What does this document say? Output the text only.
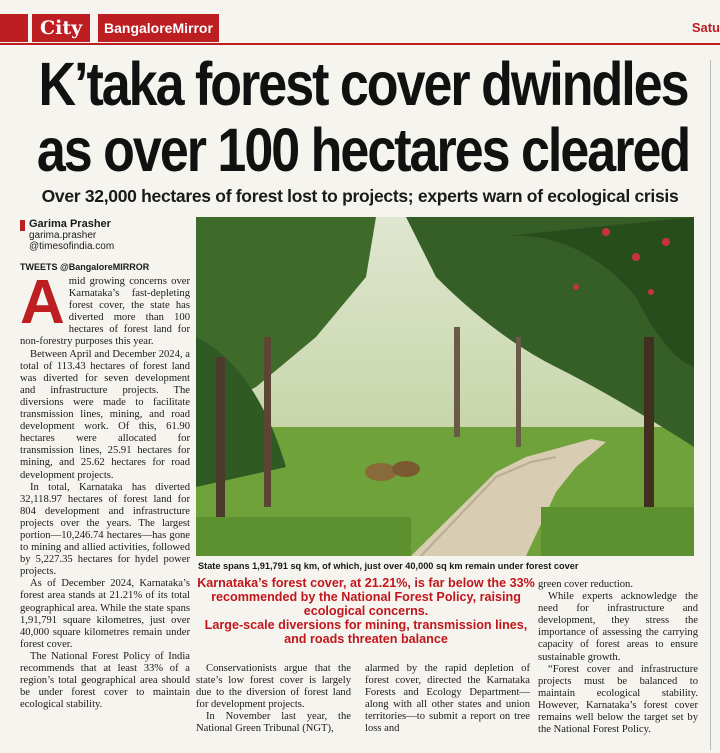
City	BangaloreMirror	Satu
K’taka forest cover dwindles
as over 100 hectares cleared
Over 32,000 hectares of forest lost to projects; experts warn of ecological crisis
Garima Prasher
garima.prasher
@timesofindia.com
TWEETS @BangaloreMIRROR

Amid growing concerns over Karnataka’s fast-depleting forest cover, the state has diverted more than 100 hectares of forest land for non-forestry purposes this year.

Between April and December 2024, a total of 113.43 hectares of forest land was diverted for seven development and infrastructure projects. The diversions were made to facilitate transmission lines, mining, and road development work. Of this, 61.90 hectares were allocated for transmission lines, 25.91 hectares for mining, and 25.62 hectares for road development projects.

In total, Karnataka has diverted 32,118.97 hectares of forest land for 804 development and infrastructure projects over the years. The largest portion—10,246.74 hectares—has gone to mining and allied activities, followed by 5,227.35 hectares for hydel power projects.

As of December 2024, Karnataka’s forest area stands at 21.21% of its total geographical area. While the state spans 1,91,791 square kilometres, just over 40,000 square kilometres remain under forest cover.

The National Forest Policy of India recommends that at least 33% of a region’s total geographical area should be under forest cover to maintain ecological stability.

State spans 1,91,791 sq km, of which, just over 40,000 sq km remain under forest cover
Karnataka’s forest cover, at 21.21%, is far below the 33% recommended by the National Forest Policy, raising ecological concerns.
Large-scale diversions for mining, transmission lines, and roads threaten balance

Conservationists argue that the state’s low forest cover is largely due to the diversion of forest land for development projects.

In November last year, the National Green Tribunal (NGT),

alarmed by the rapid depletion of forest cover, directed the Karnataka Forests and Ecology Department—along with all other states and union territories—to submit a report on tree loss and

green cover reduction.

While experts acknowledge the need for infrastructure and development, they stress the importance of assessing the carrying capacity of forest areas to ensure sustainable growth.

“Forest cover and infrastructure projects must be balanced to maintain ecological stability. However, Karnataka’s forest cover remains well below the target set by the National Forest Policy.
